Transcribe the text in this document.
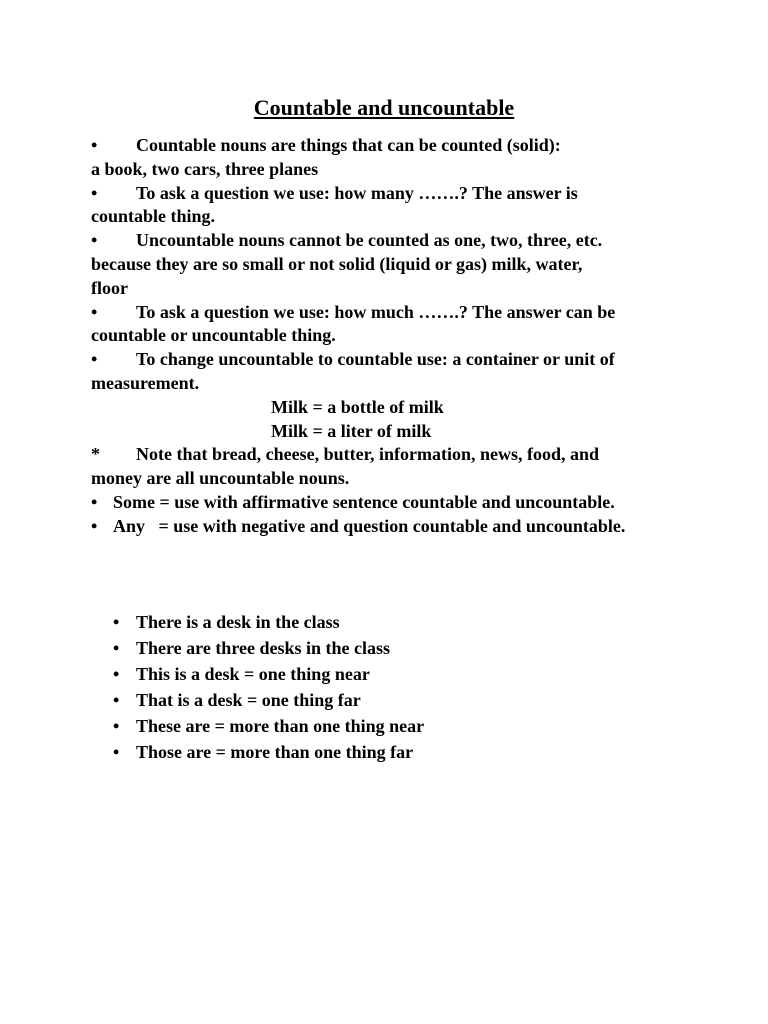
Countable and uncountable

• Countable nouns are things that can be counted (solid):
a book, two cars, three planes

• To ask a question we use: how many …….? The answer is
countable thing.

• Uncountable nouns cannot be counted as one, two, three, etc.
because they are so small or not solid (liquid or gas) milk, water,
floor

• To ask a question we use: how much …….? The answer can be
countable or uncountable thing.

• To change uncountable to countable use: a container or unit of
measurement.

Milk = a bottle of milk

Milk = a liter of milk

* Note that bread, cheese, butter, information, news, food, and
money are all uncountable nouns.

• Some = use with affirmative sentence countable and uncountable.
• Any   = use with negative and question countable and uncountable.
• There is a desk in the class
• There are three desks in the class
• This is a desk = one thing near
• That is a desk = one thing far
• These are = more than one thing near
• Those are = more than one thing far
